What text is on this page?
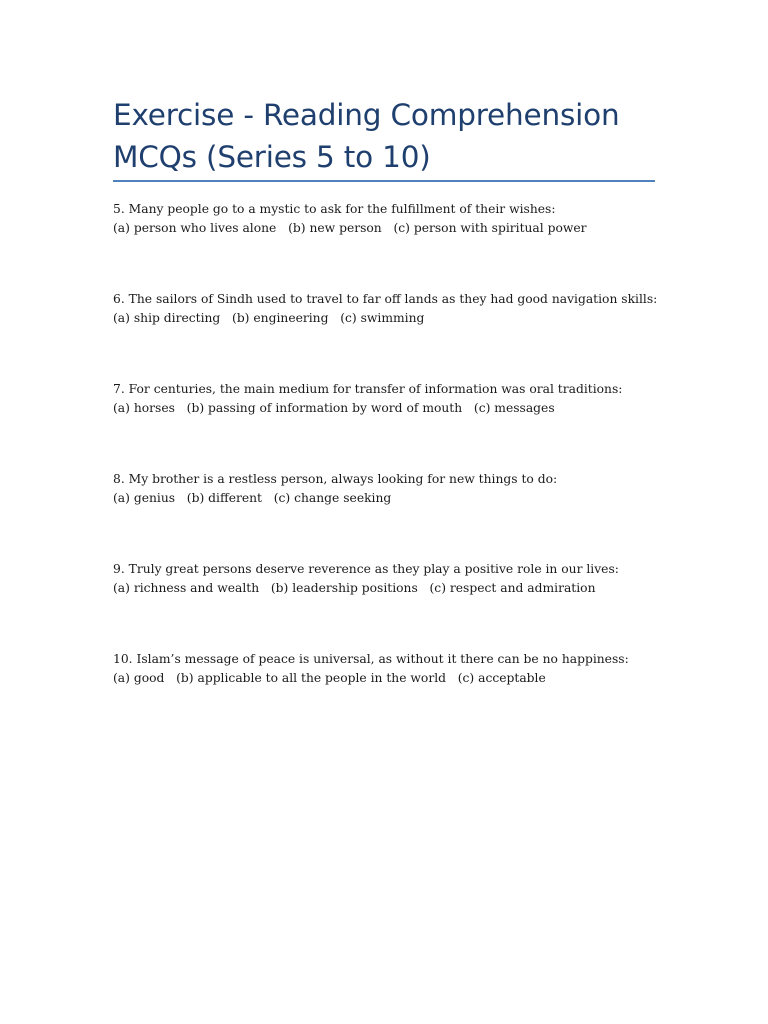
Exercise - Reading Comprehension
MCQs (Series 5 to 10)
5. Many people go to a mystic to ask for the fulfillment of their wishes:
(a) person who lives alone   (b) new person   (c) person with spiritual power
6. The sailors of Sindh used to travel to far off lands as they had good navigation skills:
(a) ship directing   (b) engineering   (c) swimming
7. For centuries, the main medium for transfer of information was oral traditions:
(a) horses   (b) passing of information by word of mouth   (c) messages
8. My brother is a restless person, always looking for new things to do:
(a) genius   (b) different   (c) change seeking
9. Truly great persons deserve reverence as they play a positive role in our lives:
(a) richness and wealth   (b) leadership positions   (c) respect and admiration
10. Islam’s message of peace is universal, as without it there can be no happiness:
(a) good   (b) applicable to all the people in the world   (c) acceptable
